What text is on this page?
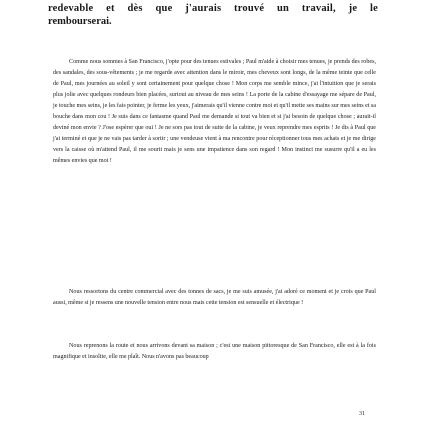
redevable et dès que j'aurais trouvé un travail, je le
rembourserai.

Comme nous sommes à San Francisco, j'opte pour des tenues estivales ; Paul m'aide à choisir mes tenues, je prends des robes, des sandales, des sous-vêtements ; je me regarde avec attention dans le miroir, mes cheveux sont longs, de la même teinte que celle de Paul, mes journées au soleil y sont certainement pour quelque chose ! Mon corps me semble mince, j'ai l'intuition que je serais plus jolie avec quelques rondeurs bien placées, surtout au niveau de mes seins ! La porte de la cabine d'essayage me sépare de Paul, je touche mes seins, je les fais pointer, je ferme les yeux, j'aimerais qu'il vienne contre moi et qu'il mette ses mains sur mes seins et sa bouche dans mon cou ! Je suis dans ce fantasme quand Paul me demande si tout va bien et si j'ai besoin de quelque chose ; aurait-il deviné mon envie ? J'ose espérer que oui ! Je ne sors pas tout de suite de la cabine, je veux reprendre mes esprits ! Je dis à Paul que j'ai terminé et que je ne vais pas tarder à sortir ; une vendeuse vient à ma rencontre pour réceptionner tous mes achats et je me dirige vers la caisse où m'attend Paul, il me sourit mais je sens une impatience dans son regard ! Mon instinct me susurre qu'il a eu les mêmes envies que moi !

Nous ressortons du centre commercial avec des tonnes de sacs, je me suis amusée, j'ai adoré ce moment et je crois que Paul aussi, même si je ressens une nouvelle tension entre nous mais cette tension est sensuelle et électrique !

Nous reprenons la route et nous arrivons devant sa maison ; c'est une maison pittoresque de San Francisco, elle est à la fois magnifique et insolite, elle me plaît. Nous n'avons pas beaucoup

31
